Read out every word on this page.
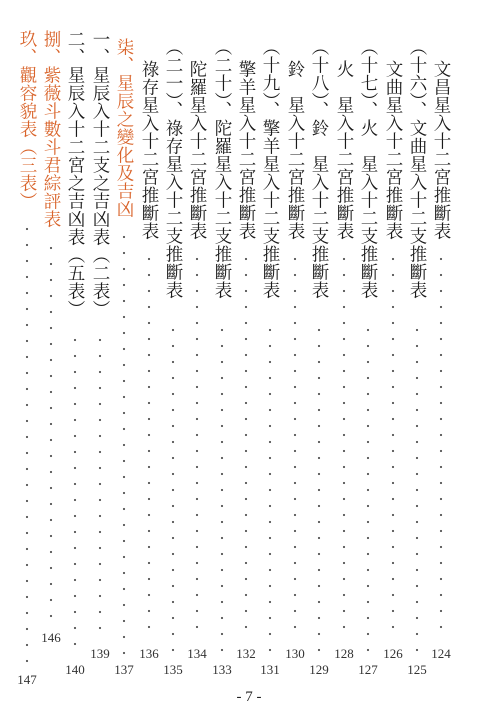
文昌星入十二宮推斷表
124
（十六）、文曲星入十二支推斷表
125
文曲星入十二宮推斷表
126
（十七）、火　星入十二支推斷表
127
火　星入十二宮推斷表
128
（十八）、鈴　星入十二支推斷表
129
鈴　星入十二宮推斷表
130
（十九）、擎羊星入十二支推斷表
131
擎羊星入十二宮推斷表
132
（二十）、陀羅星入十二支推斷表
133
陀羅星入十二宮推斷表
134
（二一）、祿存星入十二支推斷表
135
祿存星入十二宮推斷表
136
柒、星辰之變化及吉凶
137
一、星辰入十二支之吉凶表（二表）
139
二、星辰入十二宮之吉凶表（五表）
140
捌、紫薇斗數斗君綜評表
146
玖、觀容貌表（三表）
147
- 7 -
